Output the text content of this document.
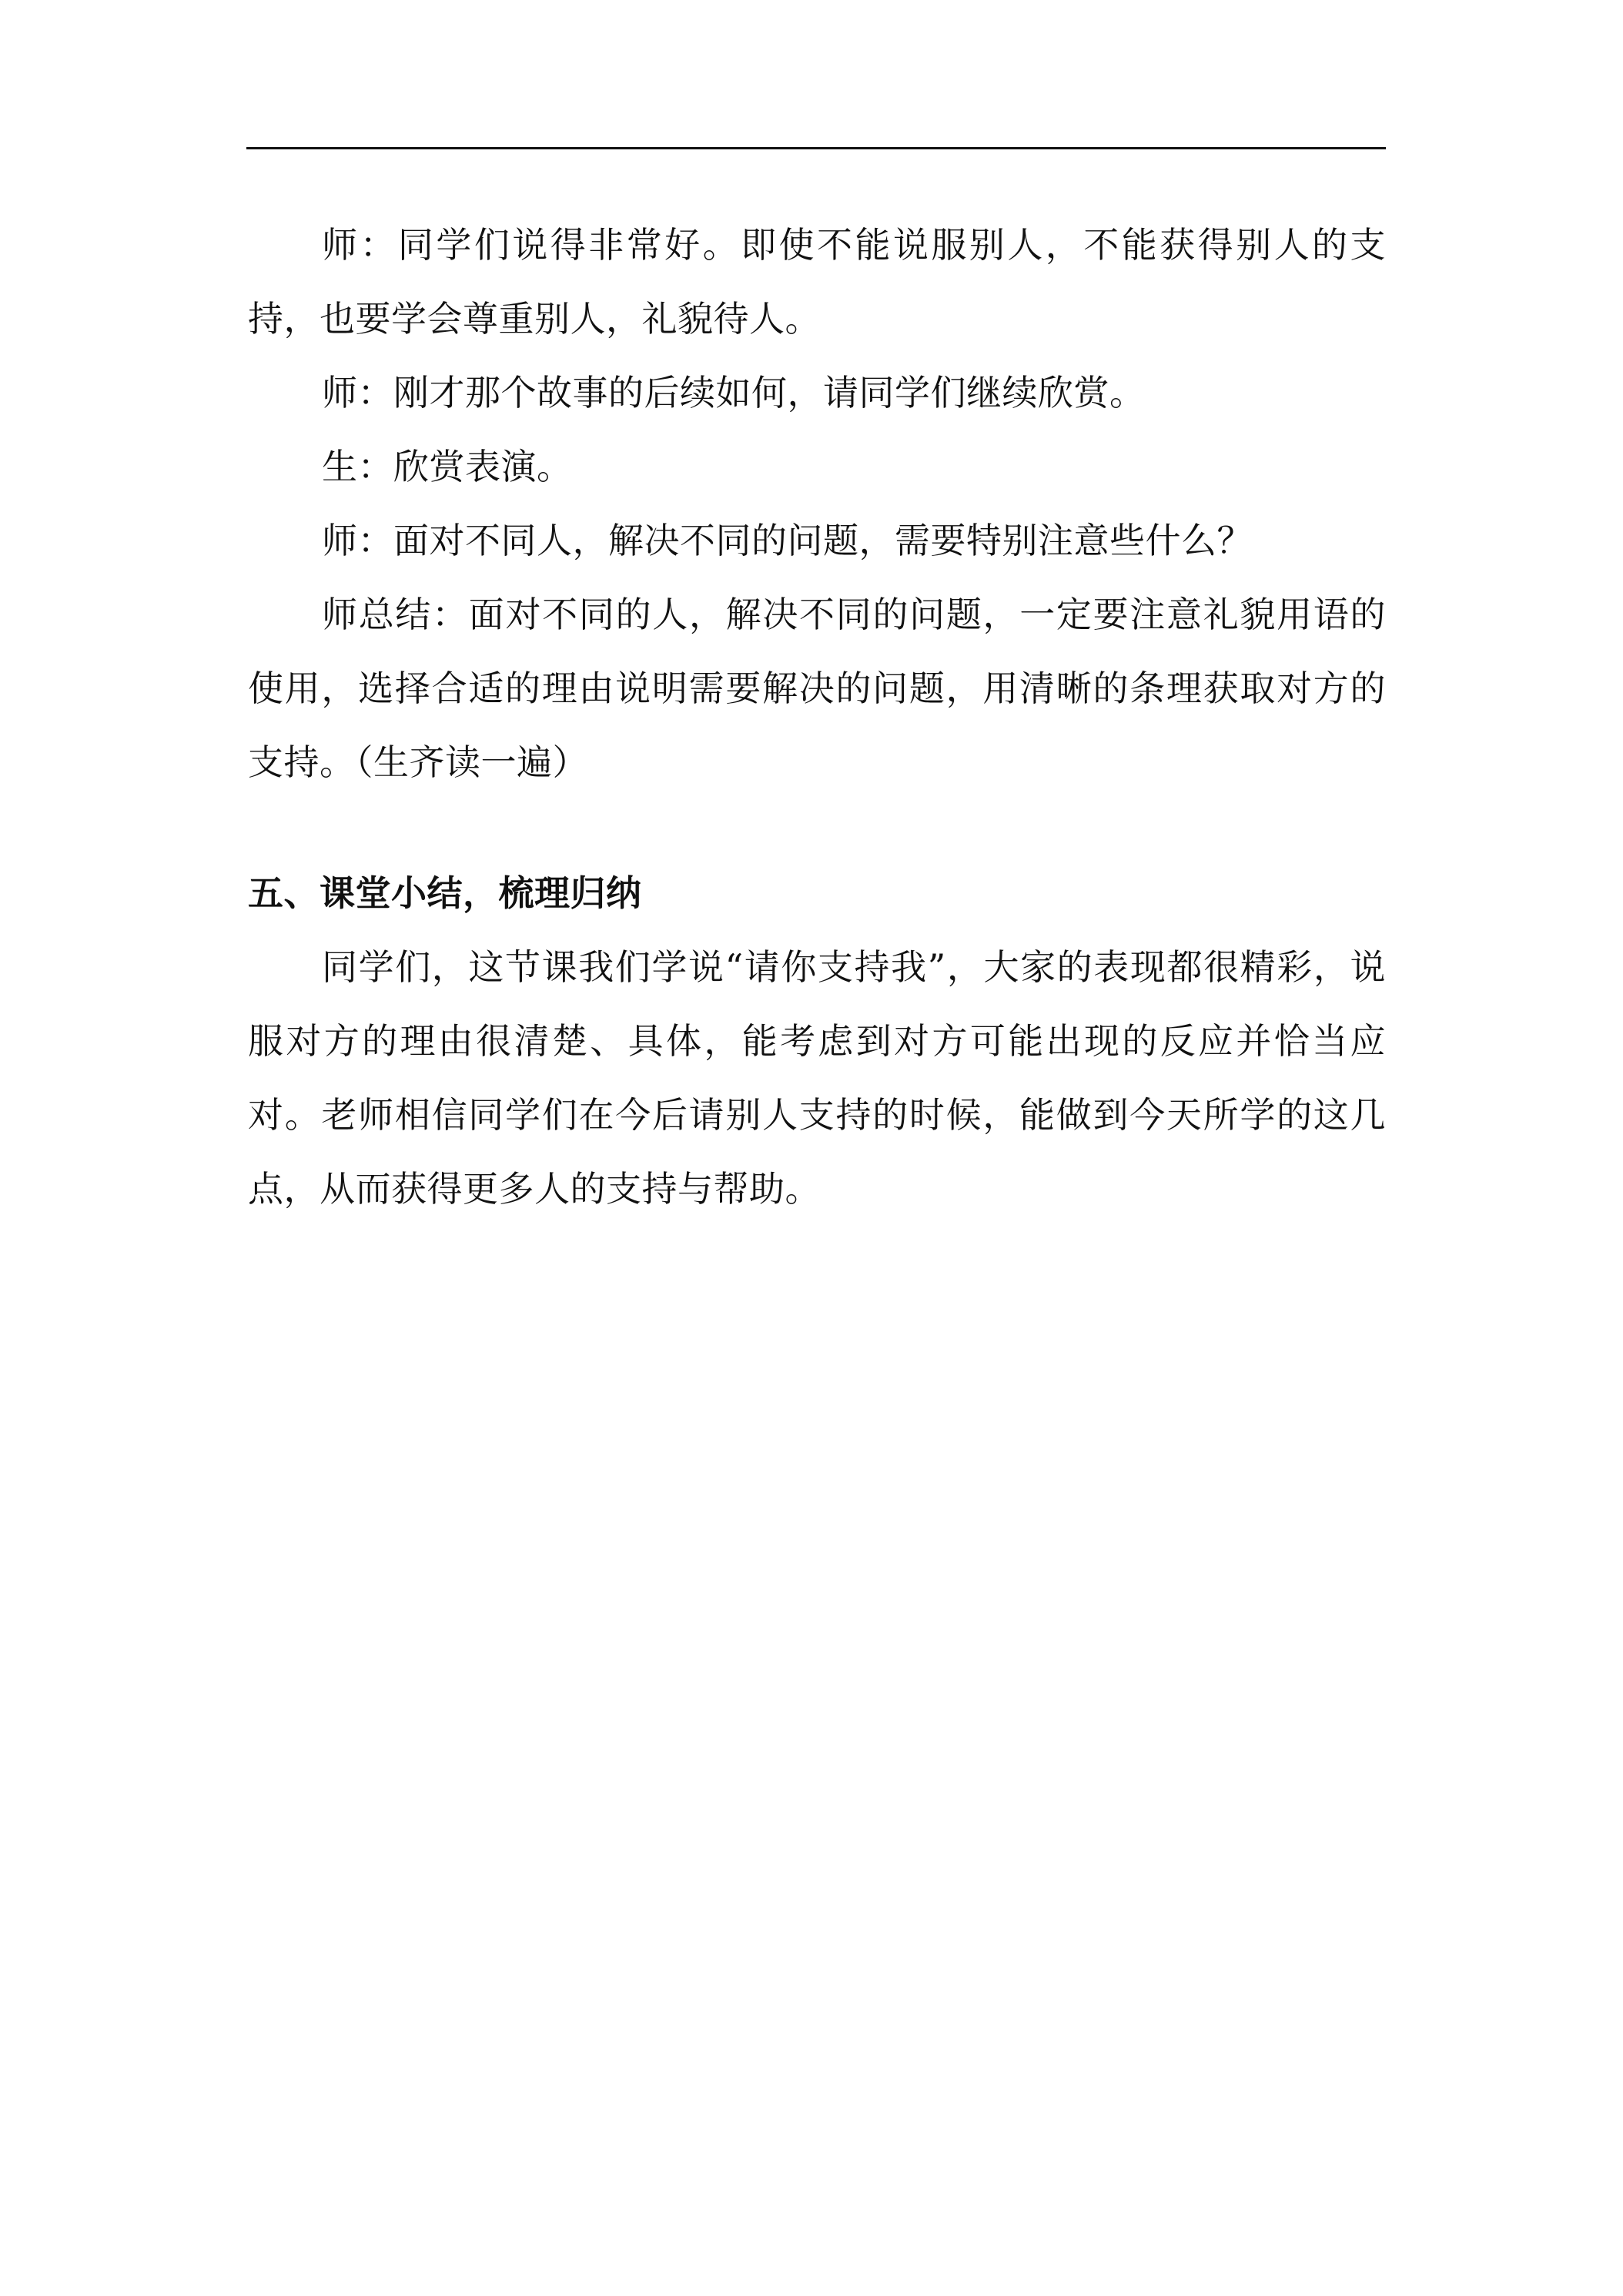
师：同学们说得非常好。即使不能说服别人，不能获得别人的支持，也要学会尊重别人，礼貌待人。

师：刚才那个故事的后续如何，请同学们继续欣赏。

生：欣赏表演。

师：面对不同人，解决不同的问题，需要特别注意些什么？

师总结：面对不同的人，解决不同的问题，一定要注意礼貌用语的使用，选择合适的理由说明需要解决的问题，用清晰的条理获取对方的支持。（生齐读一遍）

五、课堂小结，梳理归纳

同学们，这节课我们学说“请你支持我”，大家的表现都很精彩，说服对方的理由很清楚、具体，能考虑到对方可能出现的反应并恰当应对。老师相信同学们在今后请别人支持的时候，能做到今天所学的这几点，从而获得更多人的支持与帮助。
